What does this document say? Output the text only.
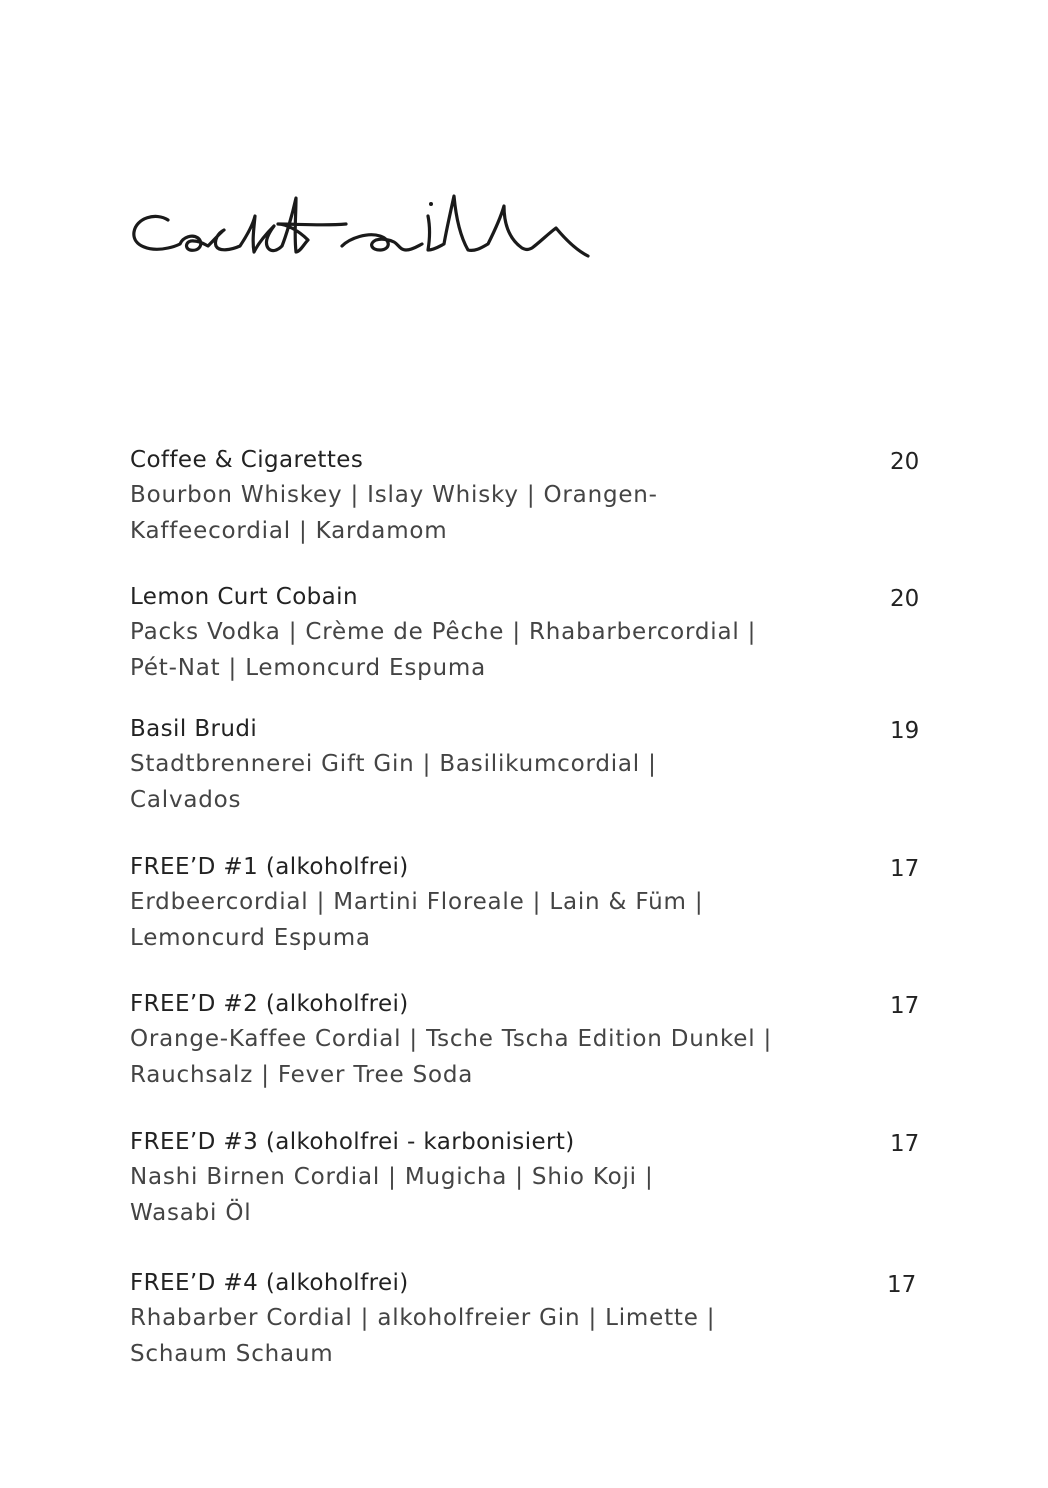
Coffee & Cigarettes
Bourbon Whiskey | Islay Whisky | Orangen-
Kaffeecordial | Kardamom
20
Lemon Curt Cobain
Packs Vodka | Crème de Pêche | Rhabarbercordial |
Pét-Nat | Lemoncurd Espuma
20
Basil Brudi
Stadtbrennerei Gift Gin | Basilikumcordial |
Calvados
19
FREE’D #1 (alkoholfrei)
Erdbeercordial | Martini Floreale | Lain & Füm |
Lemoncurd Espuma
17
FREE’D #2 (alkoholfrei)
Orange-Kaffee Cordial | Tsche Tscha Edition Dunkel |
Rauchsalz | Fever Tree Soda
17
FREE’D #3 (alkoholfrei - karbonisiert)
Nashi Birnen Cordial | Mugicha | Shio Koji |
Wasabi Öl
17
FREE’D #4 (alkoholfrei)
Rhabarber Cordial | alkoholfreier Gin | Limette |
Schaum Schaum
17
